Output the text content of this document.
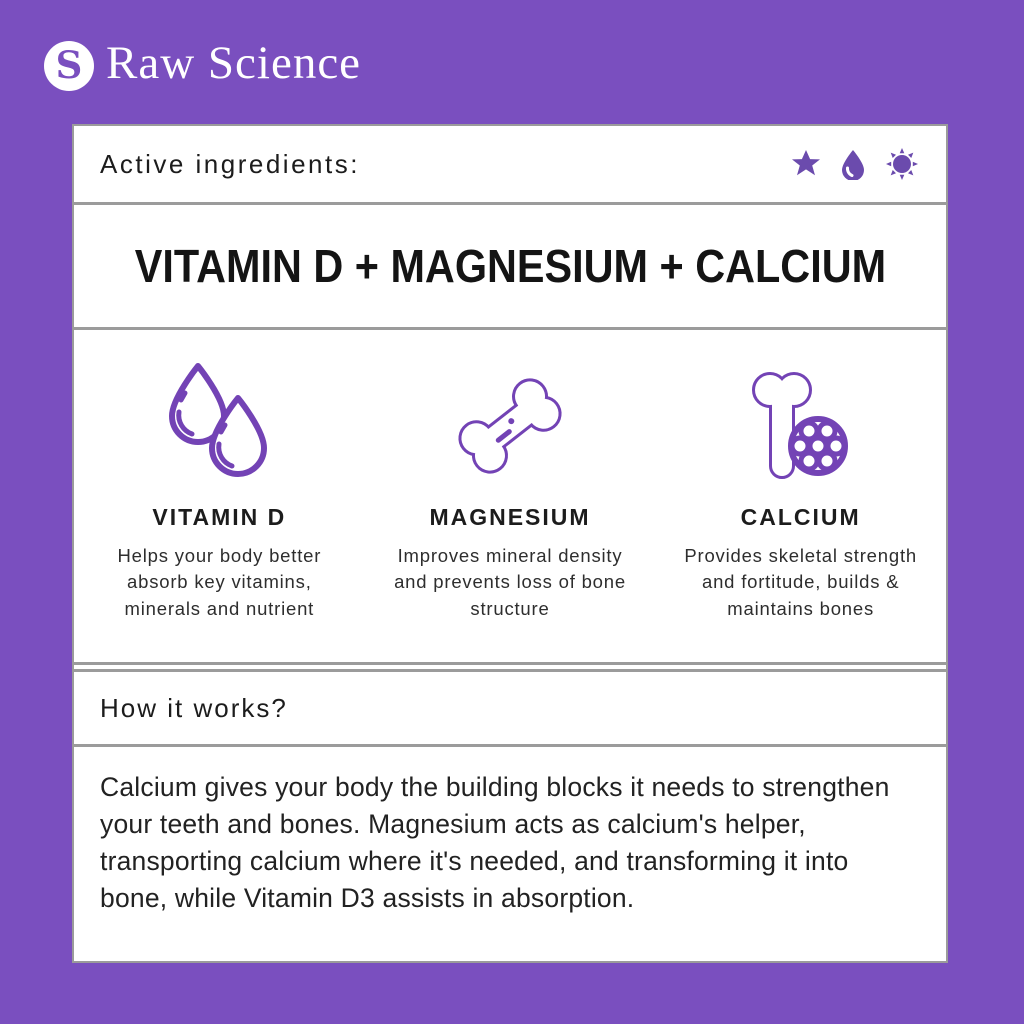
S Raw Science
Active ingredients:
VITAMIN D + MAGNESIUM + CALCIUM
VITAMIN D
Helps your body better absorb key vitamins, minerals and nutrient
MAGNESIUM
Improves mineral density and prevents loss of bone structure
CALCIUM
Provides skeletal strength and fortitude, builds & maintains bones
How it works?
Calcium gives your body the building blocks it needs to strengthen your teeth and bones. Magnesium acts as calcium's helper, transporting calcium where it's needed, and transforming it into bone, while Vitamin D3 assists in absorption.
